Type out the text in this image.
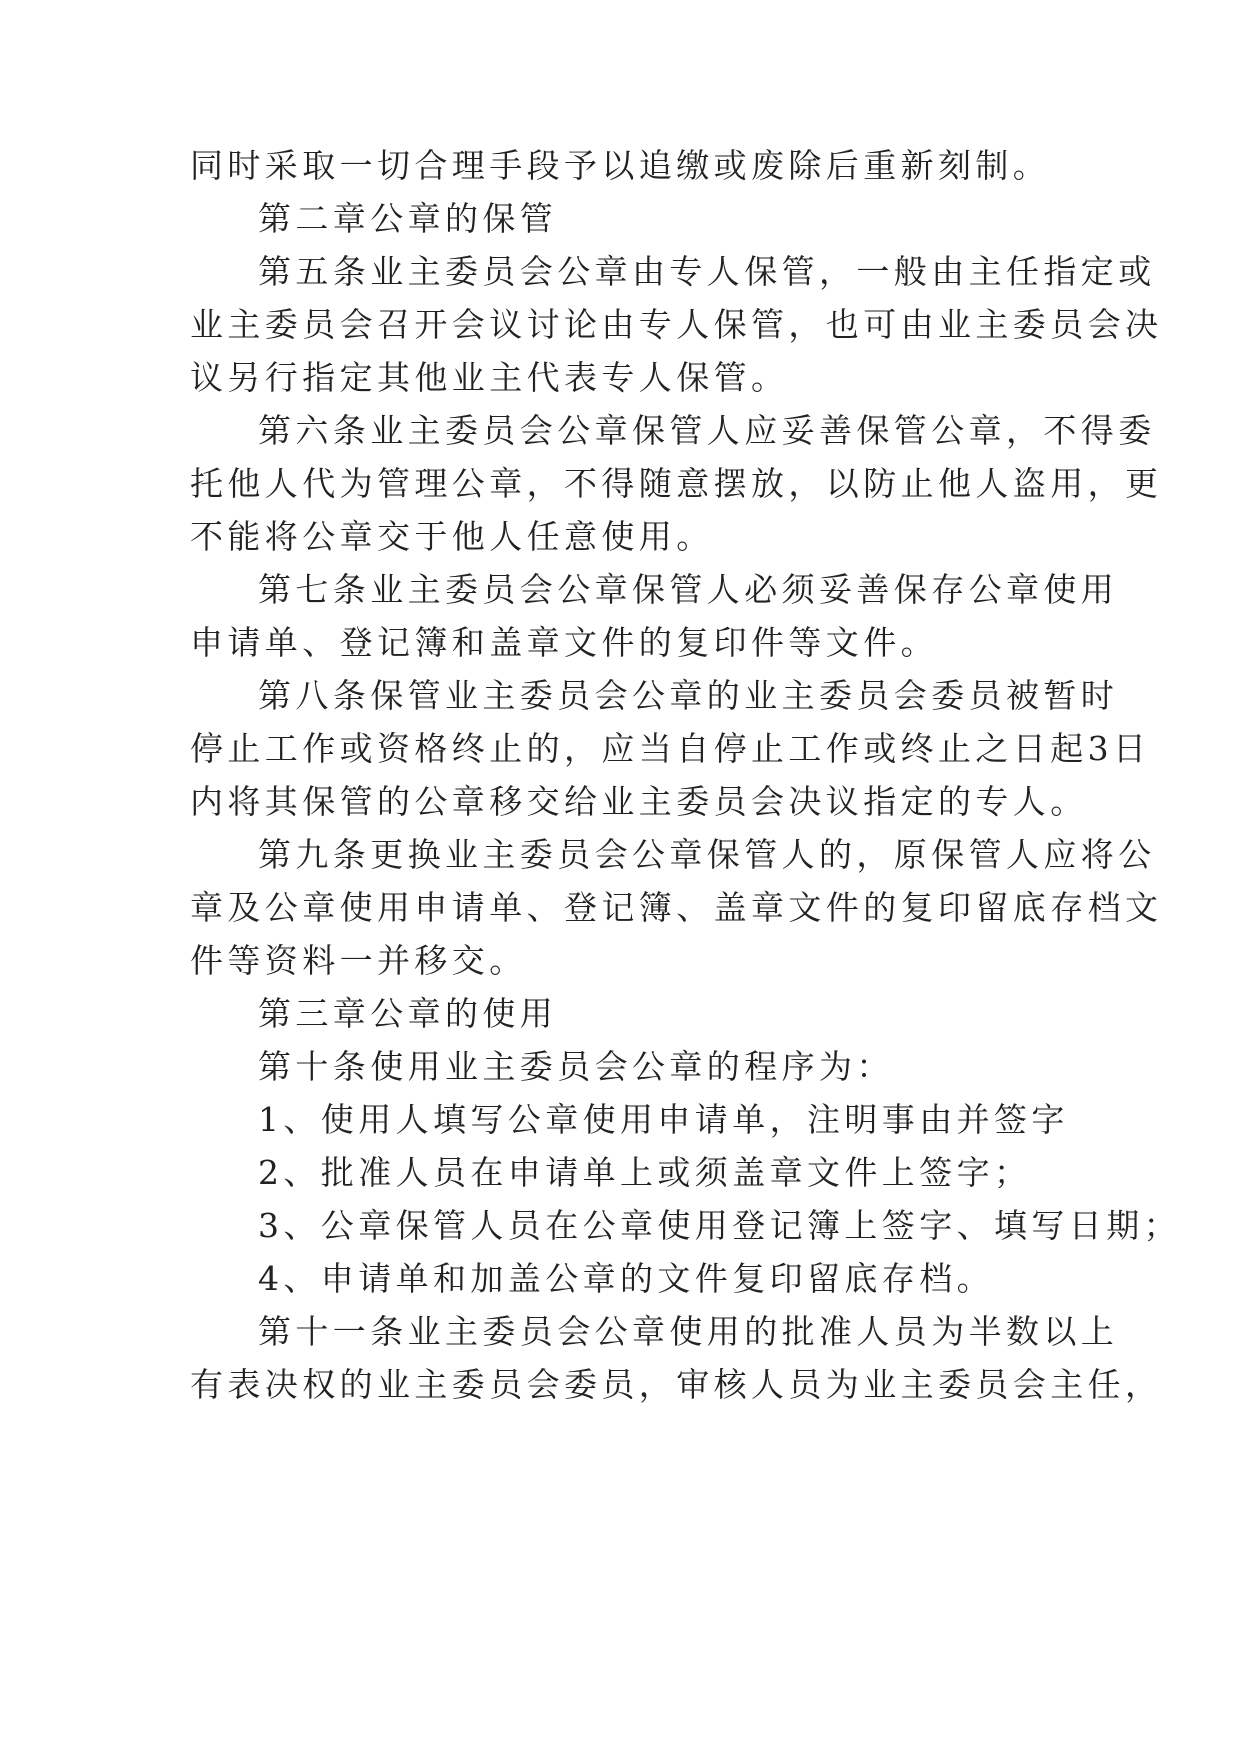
同时采取一切合理手段予以追缴或废除后重新刻制。
第二章公章的保管
第五条业主委员会公章由专人保管，一般由主任指定或
业主委员会召开会议讨论由专人保管，也可由业主委员会决
议另行指定其他业主代表专人保管。
第六条业主委员会公章保管人应妥善保管公章，不得委
托他人代为管理公章，不得随意摆放，以防止他人盗用，更
不能将公章交于他人任意使用。
第七条业主委员会公章保管人必须妥善保存公章使用
申请单、登记簿和盖章文件的复印件等文件。
第八条保管业主委员会公章的业主委员会委员被暂时
停止工作或资格终止的，应当自停止工作或终止之日起3日
内将其保管的公章移交给业主委员会决议指定的专人。
第九条更换业主委员会公章保管人的，原保管人应将公
章及公章使用申请单、登记簿、盖章文件的复印留底存档文
件等资料一并移交。
第三章公章的使用
第十条使用业主委员会公章的程序为：
1、使用人填写公章使用申请单，注明事由并签字
2、批准人员在申请单上或须盖章文件上签字；
3、公章保管人员在公章使用登记簿上签字、填写日期；
4、申请单和加盖公章的文件复印留底存档。
第十一条业主委员会公章使用的批准人员为半数以上
有表决权的业主委员会委员，审核人员为业主委员会主任，
